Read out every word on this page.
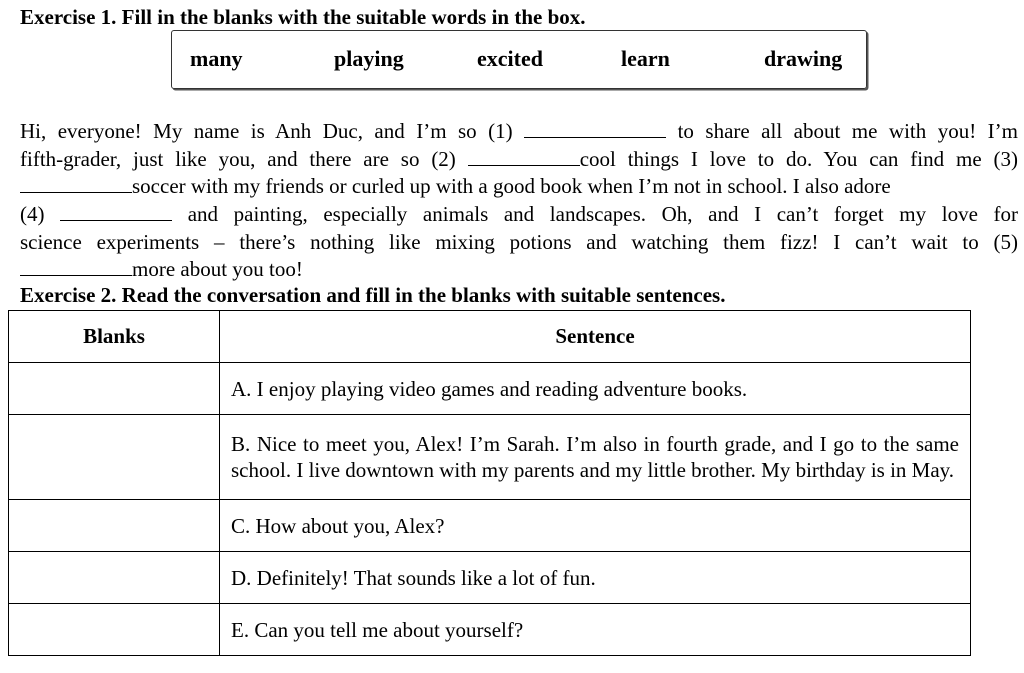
Exercise 1. Fill in the blanks with the suitable words in the box.
many	playing	excited	learn	drawing
Hi, everyone! My name is Anh Duc, and I’m so (1)	to share all about me with you! I’m
fifth-grader, just like you, and there are so (2)	cool things I love to do. You can find me (3)
soccer with my friends or curled up with a good book when I’m not in school. I also adore
(4)	and painting, especially animals and landscapes. Oh, and I can’t forget my love for
science experiments – there’s nothing like mixing potions and watching them fizz! I can’t wait to (5)
more about you too!
Exercise 2. Read the conversation and fill in the blanks with suitable sentences.
Blanks	Sentence
	A. I enjoy playing video games and reading adventure books.
	B. Nice to meet you, Alex! I’m Sarah. I’m also in fourth grade, and I go to the same school. I live downtown with my parents and my little brother. My birthday is in May.
	C. How about you, Alex?
	D. Definitely! That sounds like a lot of fun.
	E. Can you tell me about yourself?
